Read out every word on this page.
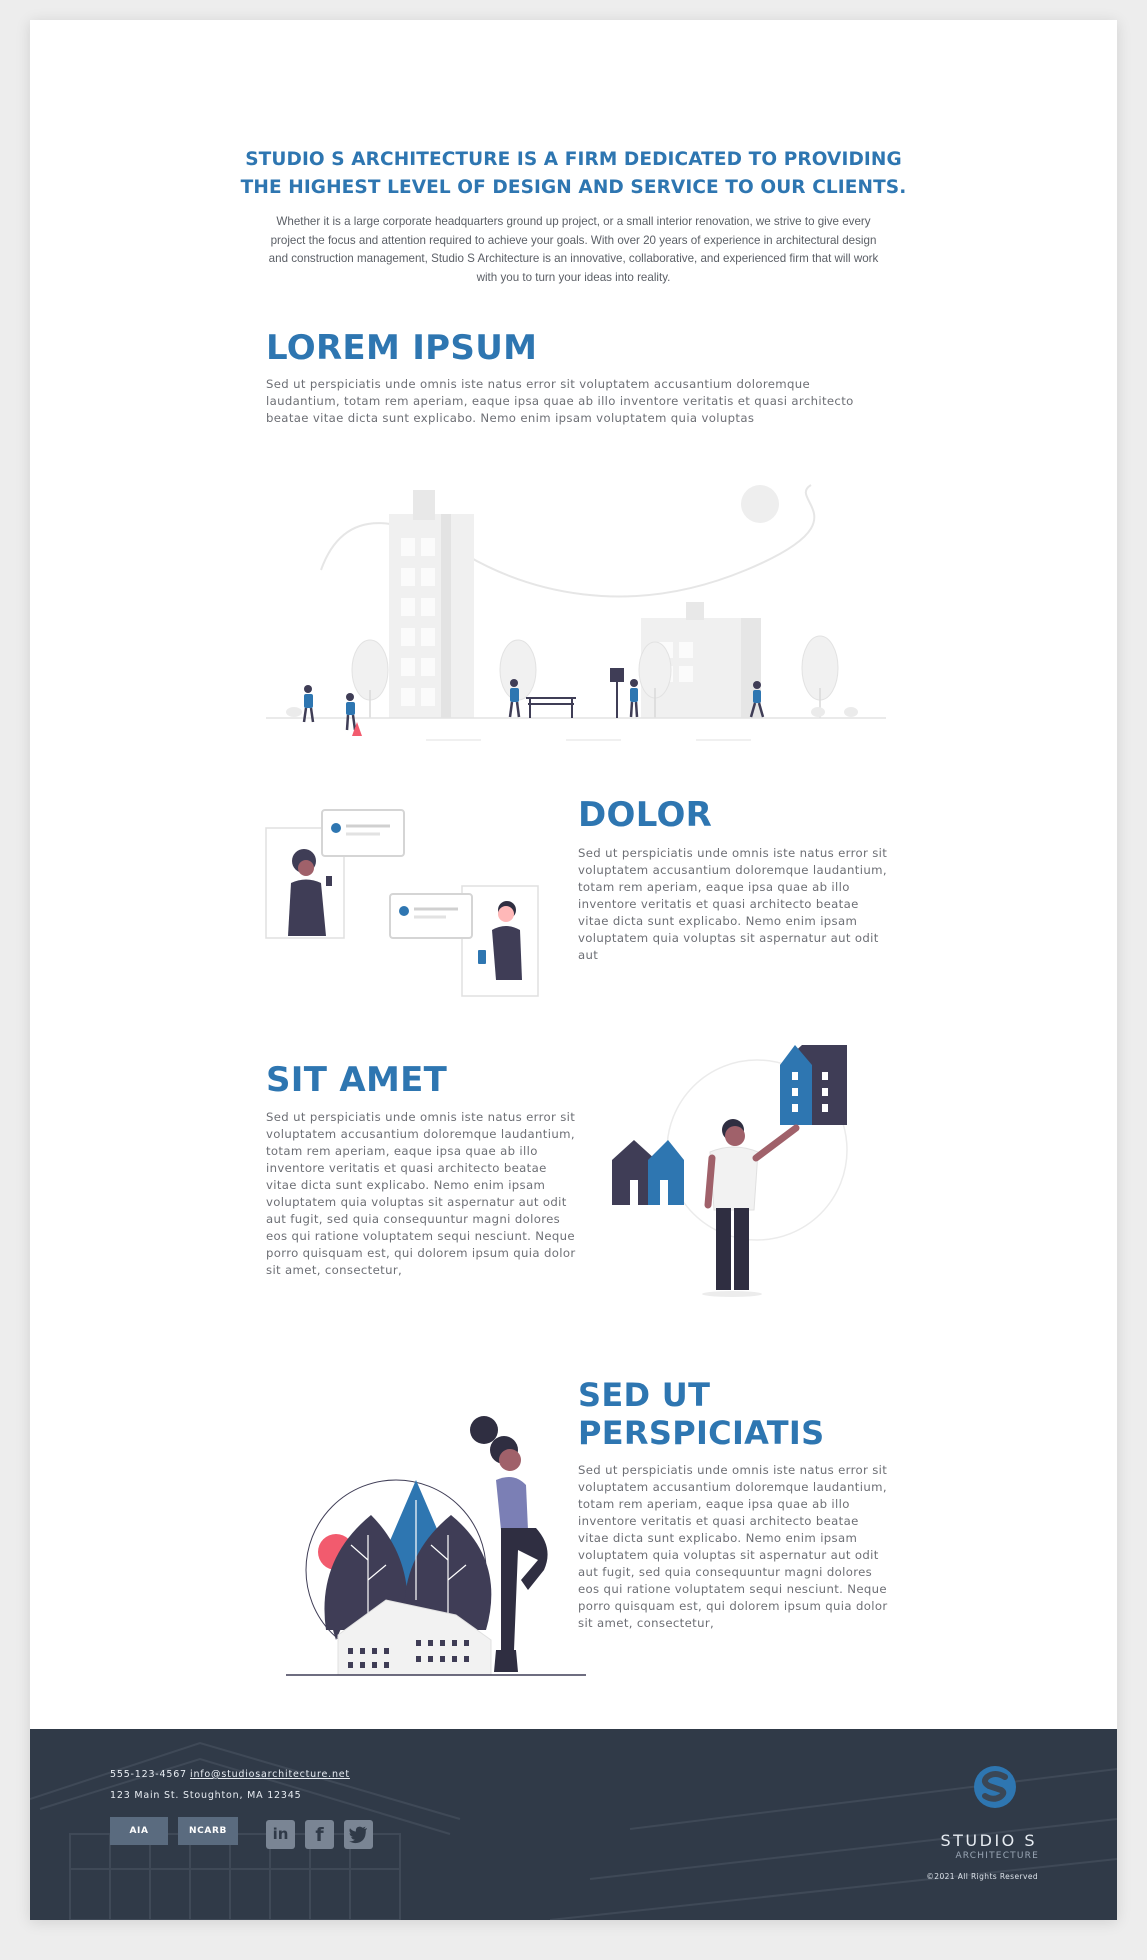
STUDIO S ARCHITECTURE IS A FIRM DEDICATED TO PROVIDING
THE HIGHEST LEVEL OF DESIGN AND SERVICE TO OUR CLIENTS.
Whether it is a large corporate headquarters ground up project, or a small interior renovation, we strive to give every project the focus and attention required to achieve your goals. With over 20 years of experience in architectural design and construction management, Studio S Architecture is an innovative, collaborative, and experienced firm that will work with you to turn your ideas into reality.
LOREM IPSUM
Sed ut perspiciatis unde omnis iste natus error sit voluptatem accusantium doloremque laudantium, totam rem aperiam, eaque ipsa quae ab illo inventore veritatis et quasi architecto beatae vitae dicta sunt explicabo. Nemo enim ipsam voluptatem quia voluptas
DOLOR
Sed ut perspiciatis unde omnis iste natus error sit voluptatem accusantium doloremque laudantium, totam rem aperiam, eaque ipsa quae ab illo inventore veritatis et quasi architecto beatae vitae dicta sunt explicabo. Nemo enim ipsam voluptatem quia voluptas sit aspernatur aut odit aut
SIT AMET
Sed ut perspiciatis unde omnis iste natus error sit voluptatem accusantium doloremque laudantium, totam rem aperiam, eaque ipsa quae ab illo inventore veritatis et quasi architecto beatae vitae dicta sunt explicabo. Nemo enim ipsam voluptatem quia voluptas sit aspernatur aut odit aut fugit, sed quia consequuntur magni dolores eos qui ratione voluptatem sequi nesciunt. Neque porro quisquam est, qui dolorem ipsum quia dolor sit amet, consectetur,
SED UT
PERSPICIATIS
Sed ut perspiciatis unde omnis iste natus error sit voluptatem accusantium doloremque laudantium, totam rem aperiam, eaque ipsa quae ab illo inventore veritatis et quasi architecto beatae vitae dicta sunt explicabo. Nemo enim ipsam voluptatem quia voluptas sit aspernatur aut odit aut fugit, sed quia consequuntur magni dolores eos qui ratione voluptatem sequi nesciunt. Neque porro quisquam est, qui dolorem ipsum quia dolor sit amet, consectetur,
555-123-4567 info@studiosarchitecture.net
123 Main St. Stoughton, MA 12345
AIA	NCARB	in	f	STUDIO S
ARCHITECTURE
©2021 All Rights Reserved
